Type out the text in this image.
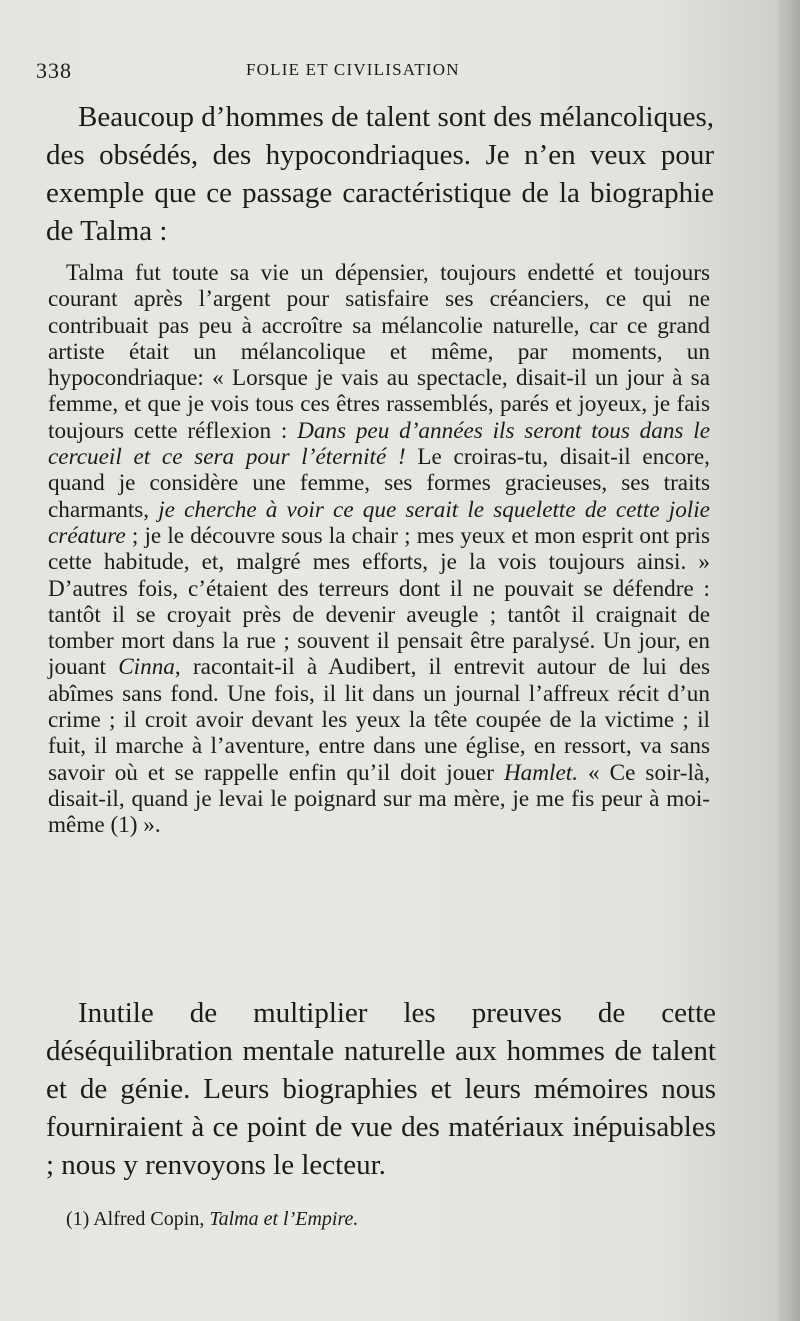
338	FOLIE ET CIVILISATION

Beaucoup d’hommes de talent sont des mélancoliques, des obsédés, des hypocondriaques. Je n’en veux pour exemple que ce passage caractéristique de la biographie de Talma :

Talma fut toute sa vie un dépensier, toujours endetté et toujours courant après l’argent pour satisfaire ses créanciers, ce qui ne contribuait pas peu à accroître sa mélancolie naturelle, car ce grand artiste était un mélancolique et même, par moments, un hypocondriaque: « Lorsque je vais au spectacle, disait-il un jour à sa femme, et que je vois tous ces êtres rassemblés, parés et joyeux, je fais toujours cette réflexion : Dans peu d’années ils seront tous dans le cercueil et ce sera pour l’éternité ! Le croiras-tu, disait-il encore, quand je considère une femme, ses formes gracieuses, ses traits charmants, je cherche à voir ce que serait le squelette de cette jolie créature ; je le découvre sous la chair ; mes yeux et mon esprit ont pris cette habitude, et, malgré mes efforts, je la vois toujours ainsi. » D’autres fois, c’étaient des terreurs dont il ne pouvait se défendre : tantôt il se croyait près de devenir aveugle ; tantôt il craignait de tomber mort dans la rue ; souvent il pensait être paralysé. Un jour, en jouant Cinna, racontait-il à Audibert, il entrevit autour de lui des abîmes sans fond. Une fois, il lit dans un journal l’affreux récit d’un crime ; il croit avoir devant les yeux la tête coupée de la victime ; il fuit, il marche à l’aventure, entre dans une église, en ressort, va sans savoir où et se rappelle enfin qu’il doit jouer Hamlet. « Ce soir-là, disait-il, quand je levai le poignard sur ma mère, je me fis peur à moi-même (1) ».

Inutile de multiplier les preuves de cette déséquilibration mentale naturelle aux hommes de talent et de génie. Leurs biographies et leurs mémoires nous fourniraient à ce point de vue des matériaux inépuisables ; nous y renvoyons le lecteur.

(1) Alfred Copin, Talma et l’Empire.
